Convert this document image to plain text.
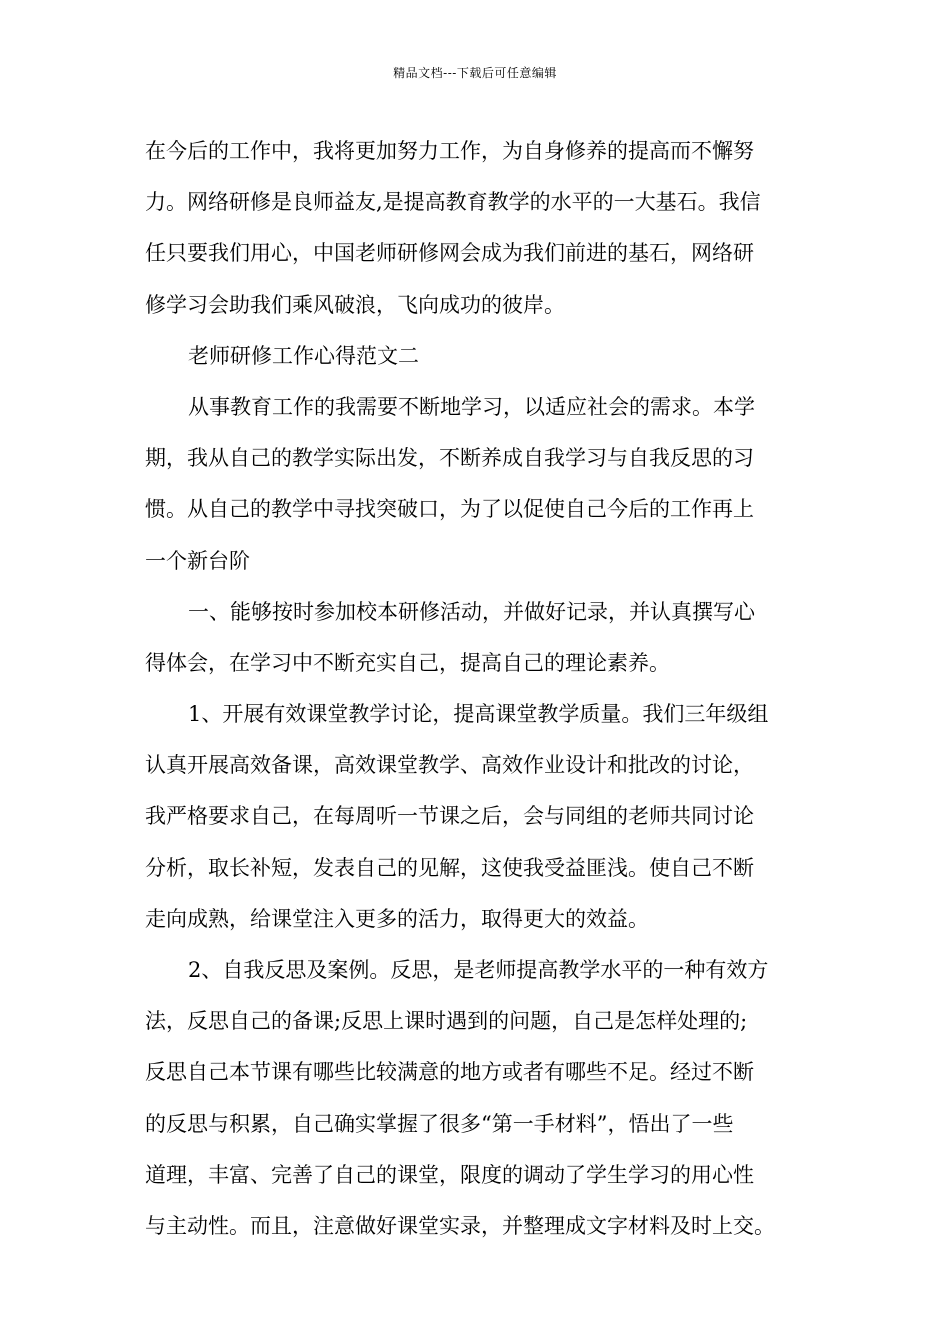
精品文档---下载后可任意编辑
在今后的工作中，我将更加努力工作，为自身修养的提高而不懈努
力。网络研修是良师益友,是提高教育教学的水平的一大基石。我信
任只要我们用心，中国老师研修网会成为我们前进的基石，网络研
修学习会助我们乘风破浪，飞向成功的彼岸。
老师研修工作心得范文二
从事教育工作的我需要不断地学习，以适应社会的需求。本学
期，我从自己的教学实际出发，不断养成自我学习与自我反思的习
惯。从自己的教学中寻找突破口，为了以促使自己今后的工作再上
一个新台阶
一、能够按时参加校本研修活动，并做好记录，并认真撰写心
得体会，在学习中不断充实自己，提高自己的理论素养。
1、开展有效课堂教学讨论，提高课堂教学质量。我们三年级组
认真开展高效备课，高效课堂教学、高效作业设计和批改的讨论，
我严格要求自己，在每周听一节课之后，会与同组的老师共同讨论
分析，取长补短，发表自己的见解，这使我受益匪浅。使自己不断
走向成熟，给课堂注入更多的活力，取得更大的效益。
2、自我反思及案例。反思，是老师提高教学水平的一种有效方
法，反思自己的备课;反思上课时遇到的问题，自己是怎样处理的;
反思自己本节课有哪些比较满意的地方或者有哪些不足。经过不断
的反思与积累，自己确实掌握了很多“第一手材料”，悟出了一些
道理，丰富、完善了自己的课堂，限度的调动了学生学习的用心性
与主动性。而且，注意做好课堂实录，并整理成文字材料及时上交。
